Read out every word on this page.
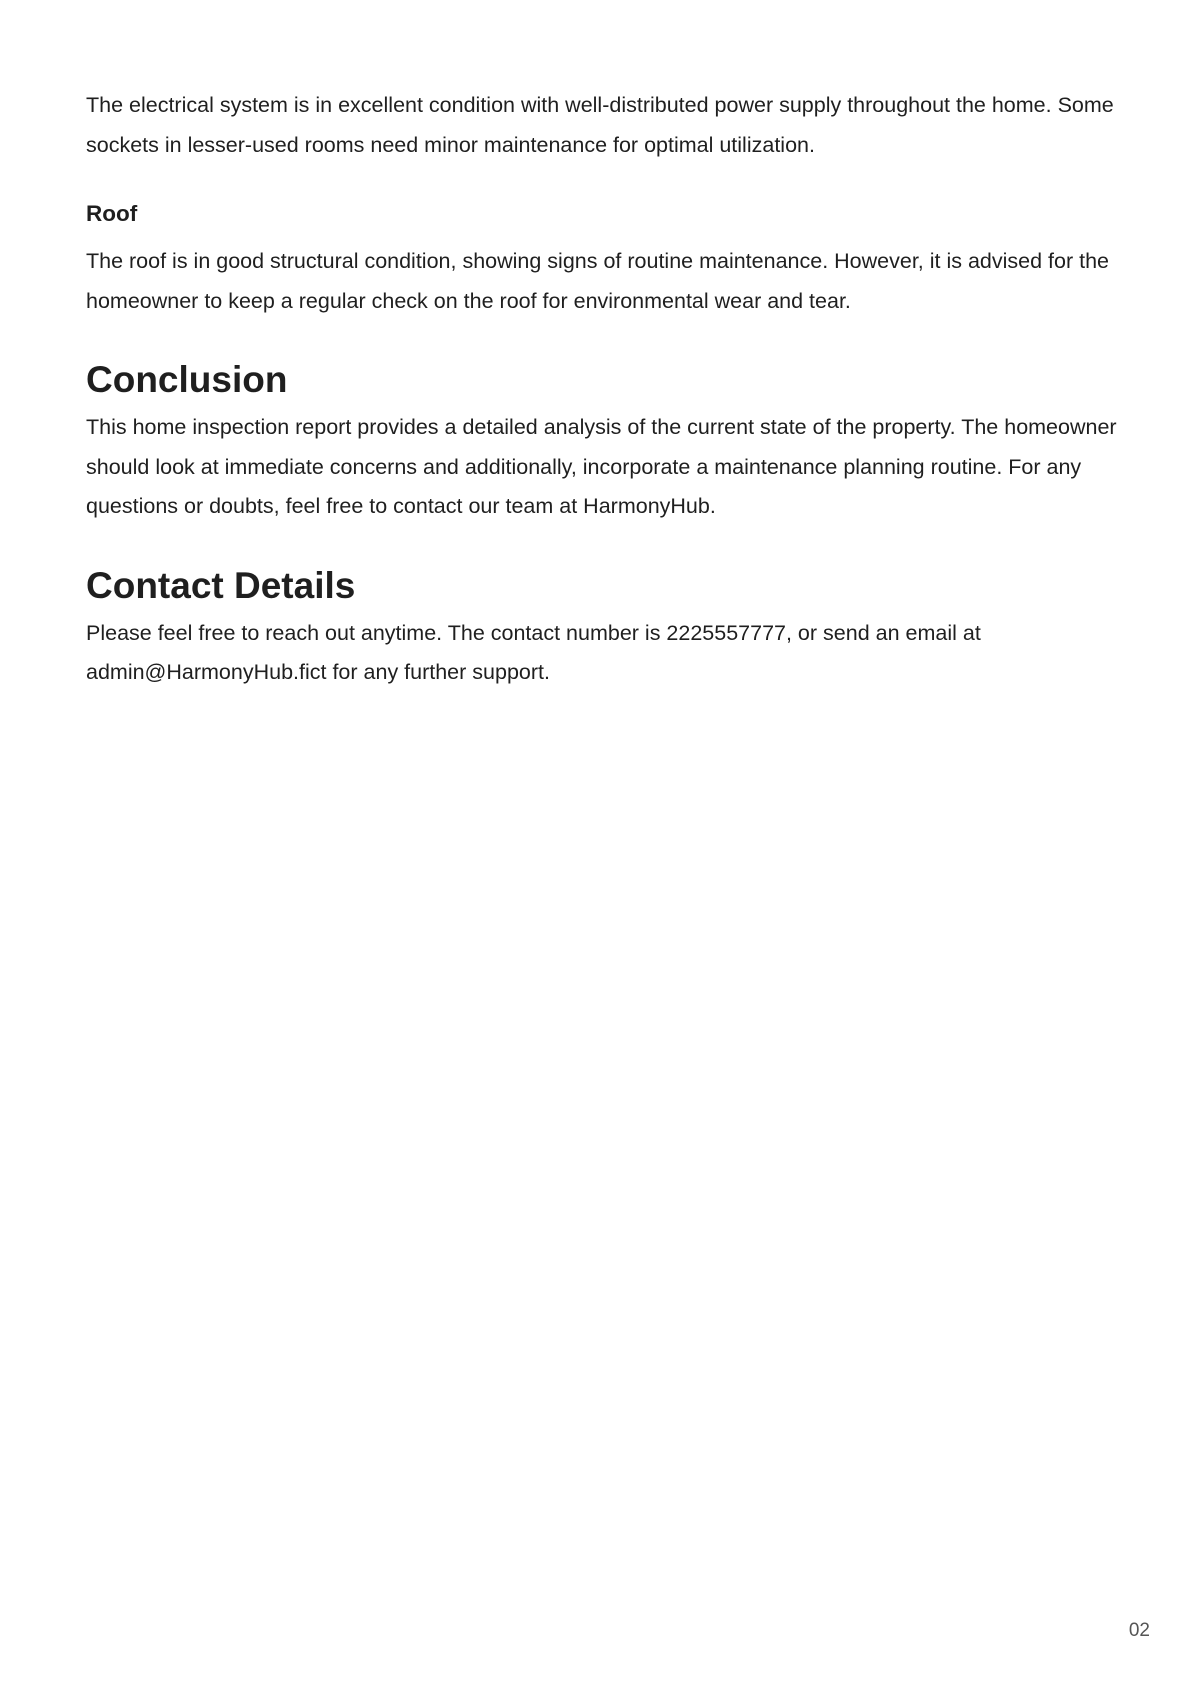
The electrical system is in excellent condition with well-distributed power supply throughout the home. Some sockets in lesser-used rooms need minor maintenance for optimal utilization.

Roof

The roof is in good structural condition, showing signs of routine maintenance. However, it is advised for the homeowner to keep a regular check on the roof for environmental wear and tear.

Conclusion

This home inspection report provides a detailed analysis of the current state of the property. The homeowner should look at immediate concerns and additionally, incorporate a maintenance planning routine. For any questions or doubts, feel free to contact our team at HarmonyHub.

Contact Details

Please feel free to reach out anytime. The contact number is 2225557777, or send an email at admin@HarmonyHub.fict for any further support.

02
